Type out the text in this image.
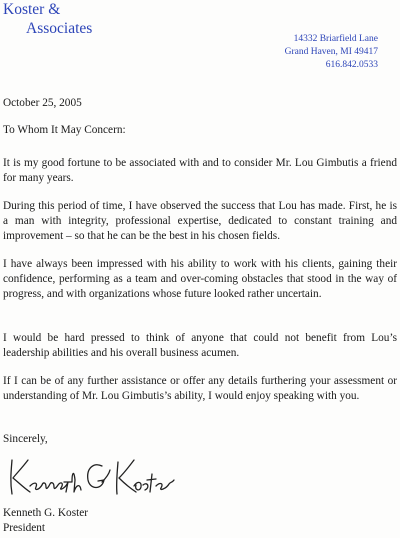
Koster &
Associates
14332 Briarfield Lane
Grand Haven, MI 49417
616.842.0533
October 25, 2005
To Whom It May Concern:
It is my good fortune to be associated with and to consider Mr. Lou Gimbutis a friend for many years.
During this period of time, I have observed the success that Lou has made. First, he is a man with integrity, professional expertise, dedicated to constant training and improvement – so that he can be the best in his chosen fields.
I have always been impressed with his ability to work with his clients, gaining their confidence, performing as a team and over-coming obstacles that stood in the way of progress, and with organizations whose future looked rather uncertain.
I would be hard pressed to think of anyone that could not benefit from Lou’s leadership abilities and his overall business acumen.
If I can be of any further assistance or offer any details furthering your assessment or understanding of Mr. Lou Gimbutis’s ability, I would enjoy speaking with you.
Sincerely,
Kenneth G. Koster
President
